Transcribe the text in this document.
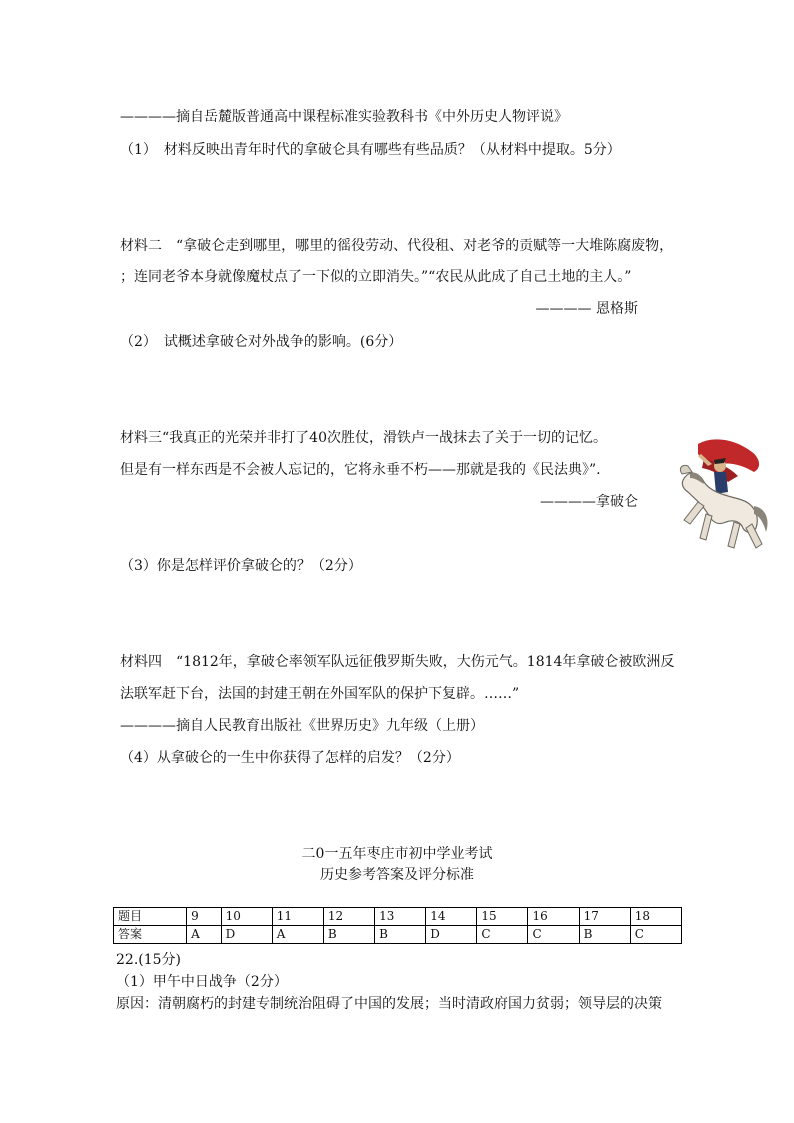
————摘自岳麓版普通高中课程标准实验教科书《中外历史人物评说》
（1）　材料反映出青年时代的拿破仑具有哪些有些品质？（从材料中提取。5分）
材料二　“拿破仑走到哪里，哪里的徭役劳动、代役租、对老爷的贡赋等一大堆陈腐废物，
；连同老爷本身就像魔杖点了一下似的立即消失。”“农民从此成了自己土地的主人。”
———— 恩格斯
（2）　试概述拿破仑对外战争的影响。(6分）
材料三“我真正的光荣并非打了40次胜仗，滑铁卢一战抹去了关于一切的记忆。
但是有一样东西是不会被人忘记的，它将永垂不朽——那就是我的《民法典》”.
————拿破仑
（3）你是怎样评价拿破仑的？（2分）
材料四　“1812年，拿破仑率领军队远征俄罗斯失败，大伤元气。1814年拿破仑被欧洲反
法联军赶下台，法国的封建王朝在外国军队的保护下复辟。……”
————摘自人民教育出版社《世界历史》九年级（上册）
（4）从拿破仑的一生中你获得了怎样的启发？（2分）
二0一五年枣庄市初中学业考试
历史参考答案及评分标准
题目	9	10	11	12	13	14	15	16	17	18
答案	A	D	A	B	B	D	C	C	B	C
22.(15分)
（1）甲午中日战争（2分）
原因：清朝腐朽的封建专制统治阻碍了中国的发展；当时清政府国力贫弱；领导层的决策
